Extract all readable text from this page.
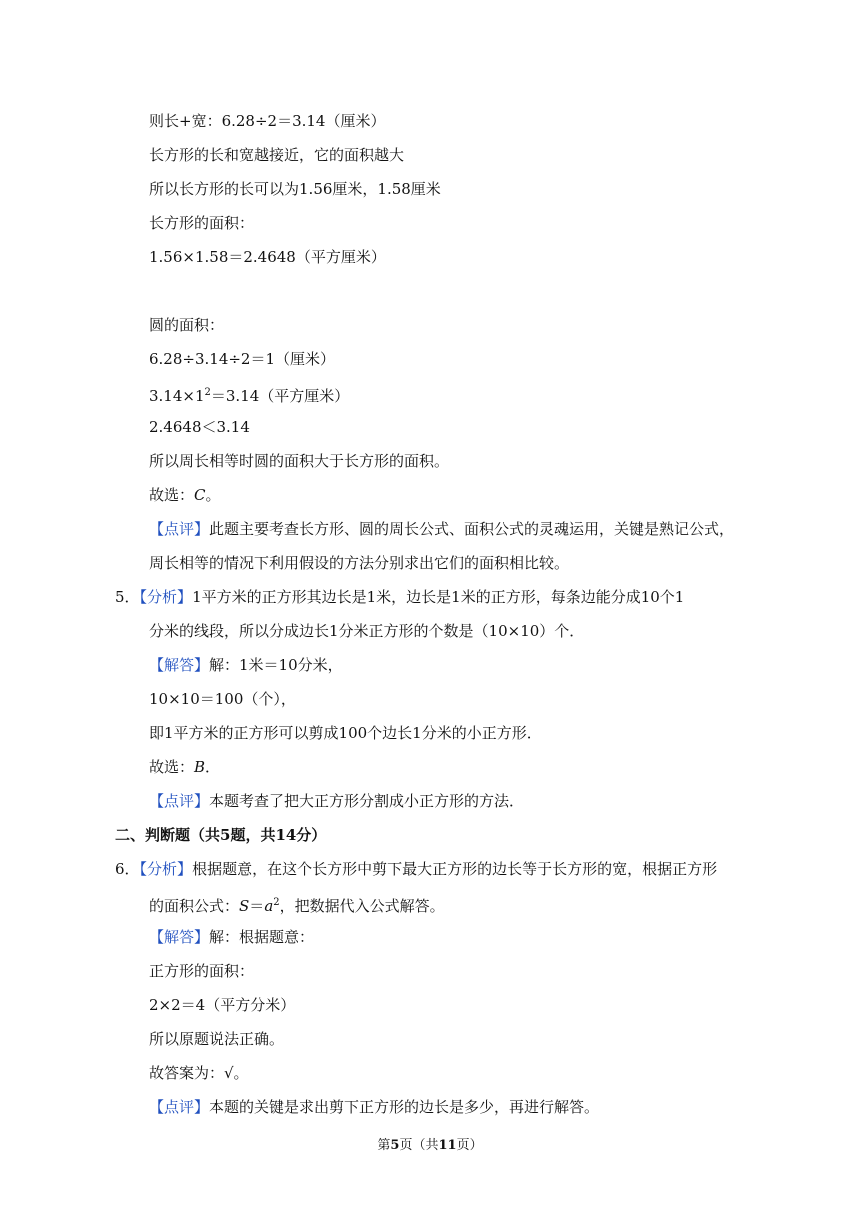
则长+宽：6.28÷2＝3.14（厘米）
长方形的长和宽越接近，它的面积越大
所以长方形的长可以为1.56厘米，1.58厘米
长方形的面积：
1.56×1.58＝2.4648（平方厘米）
圆的面积：
6.28÷3.14÷2＝1（厘米）
$3.14\times 1^2=3.14$（平方厘米）
2.4648＜3.14
所以周长相等时圆的面积大于长方形的面积。
故选：C。
【点评】此题主要考查长方形、圆的周长公式、面积公式的灵魂运用，关键是熟记公式，
周长相等的情况下利用假设的方法分别求出它们的面积相比较。
5．【分析】1平方米的正方形其边长是1米，边长是1米的正方形，每条边能分成10个1
分米的线段，所以分成边长1分米正方形的个数是（10×10）个．
【解答】解：1米＝10分米，
10×10＝100（个），
即1平方米的正方形可以剪成100个边长1分米的小正方形．
故选：B．
【点评】本题考查了把大正方形分割成小正方形的方法．
二、判断题（共5题，共14分）
6．【分析】根据题意，在这个长方形中剪下最大正方形的边长等于长方形的宽，根据正方形
的面积公式：$S=a^2$，把数据代入公式解答。
【解答】解：根据题意：
正方形的面积：
2×2＝4（平方分米）
所以原题说法正确。
故答案为：√。
【点评】本题的关键是求出剪下正方形的边长是多少，再进行解答。
第5页（共11页）
